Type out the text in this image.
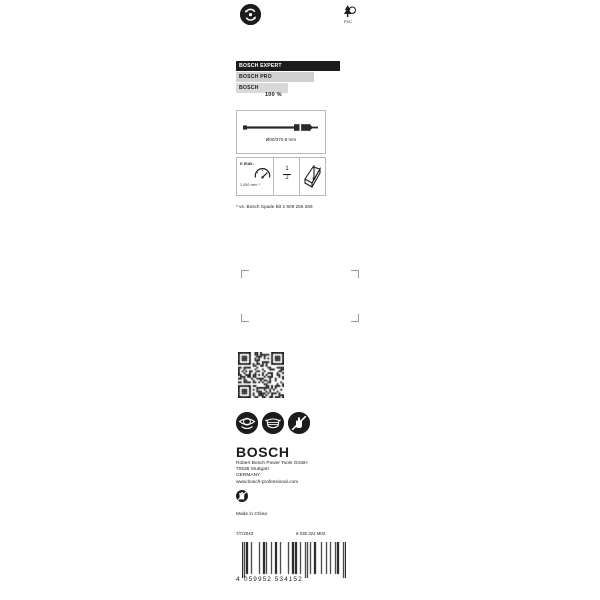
FSC
BOSCH EXPERT
BOSCH PRO
BOSCH
100 %
Ø00/370.8 mm
n max.
1 000 min⁻¹
1
2
* vs. Bosch Spade Bit 2 609 255 269
BOSCH
Robert Bosch Power Tools GmbH
70538 Stuttgart
GERMANY
www.bosch-professional.com
Made in China
7/7/2043	6 035 322 M02
4 059952 534152
